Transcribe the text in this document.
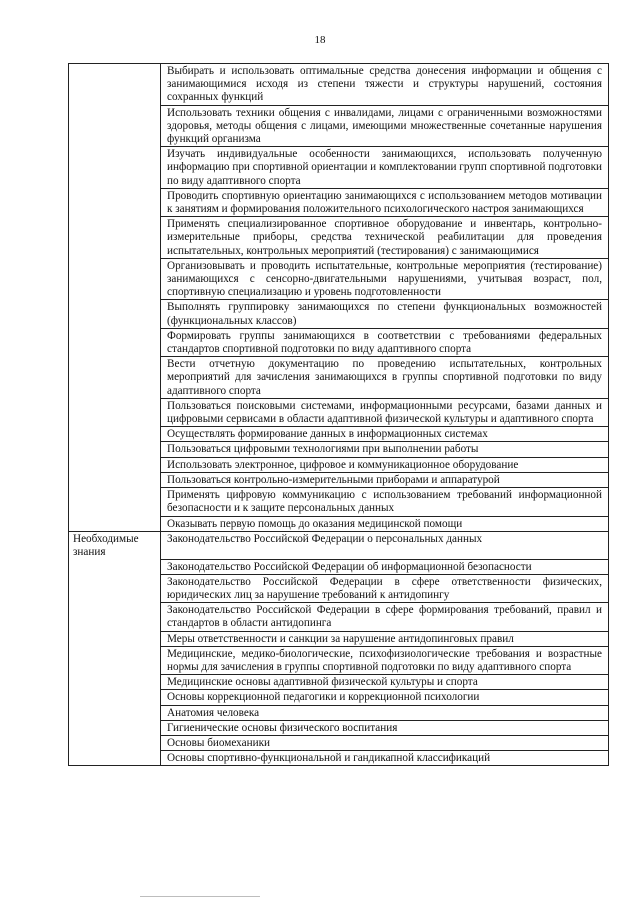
18
	Выбирать и использовать оптимальные средства донесения информации и общения с занимающимися исходя из степени тяжести и структуры нарушений, состояния сохранных функций
	Использовать техники общения с инвалидами, лицами с ограниченными возможностями здоровья, методы общения с лицами, имеющими множественные сочетанные нарушения функций организма
	Изучать индивидуальные особенности занимающихся, использовать полученную информацию при спортивной ориентации и комплектовании групп спортивной подготовки по виду адаптивного спорта
	Проводить спортивную ориентацию занимающихся с использованием методов мотивации к занятиям и формирования положительного психологического настроя занимающихся
	Применять специализированное спортивное оборудование и инвентарь, контрольно-измерительные приборы, средства технической реабилитации для проведения испытательных, контрольных мероприятий (тестирования) с занимающимися
	Организовывать и проводить испытательные, контрольные мероприятия (тестирование) занимающихся с сенсорно-двигательными нарушениями, учитывая возраст, пол, спортивную специализацию и уровень подготовленности
	Выполнять группировку занимающихся по степени функциональных возможностей (функциональных классов)
	Формировать группы занимающихся в соответствии с требованиями федеральных стандартов спортивной подготовки по виду адаптивного спорта
	Вести отчетную документацию по проведению испытательных, контрольных мероприятий для зачисления занимающихся в группы спортивной подготовки по виду адаптивного спорта
	Пользоваться поисковыми системами, информационными ресурсами, базами данных и цифровыми сервисами в области адаптивной физической культуры и адаптивного спорта
	Осуществлять формирование данных в информационных системах
	Пользоваться цифровыми технологиями при выполнении работы
	Использовать электронное, цифровое и коммуникационное оборудование
	Пользоваться контрольно-измерительными приборами и аппаратурой
	Применять цифровую коммуникацию с использованием требований информационной безопасности и к защите персональных данных
	Оказывать первую помощь до оказания медицинской помощи
Необходимые знания	Законодательство Российской Федерации о персональных данных
	Законодательство Российской Федерации об информационной безопасности
	Законодательство Российской Федерации в сфере ответственности физических, юридических лиц за нарушение требований к антидопингу
	Законодательство Российской Федерации в сфере формирования требований, правил и стандартов в области антидопинга
	Меры ответственности и санкции за нарушение антидопинговых правил
	Медицинские, медико-биологические, психофизиологические требования и возрастные нормы для зачисления в группы спортивной подготовки по виду адаптивного спорта
	Медицинские основы адаптивной физической культуры и спорта
	Основы коррекционной педагогики и коррекционной психологии
	Анатомия человека
	Гигиенические основы физического воспитания
	Основы биомеханики
	Основы спортивно-функциональной и гандикапной классификаций
